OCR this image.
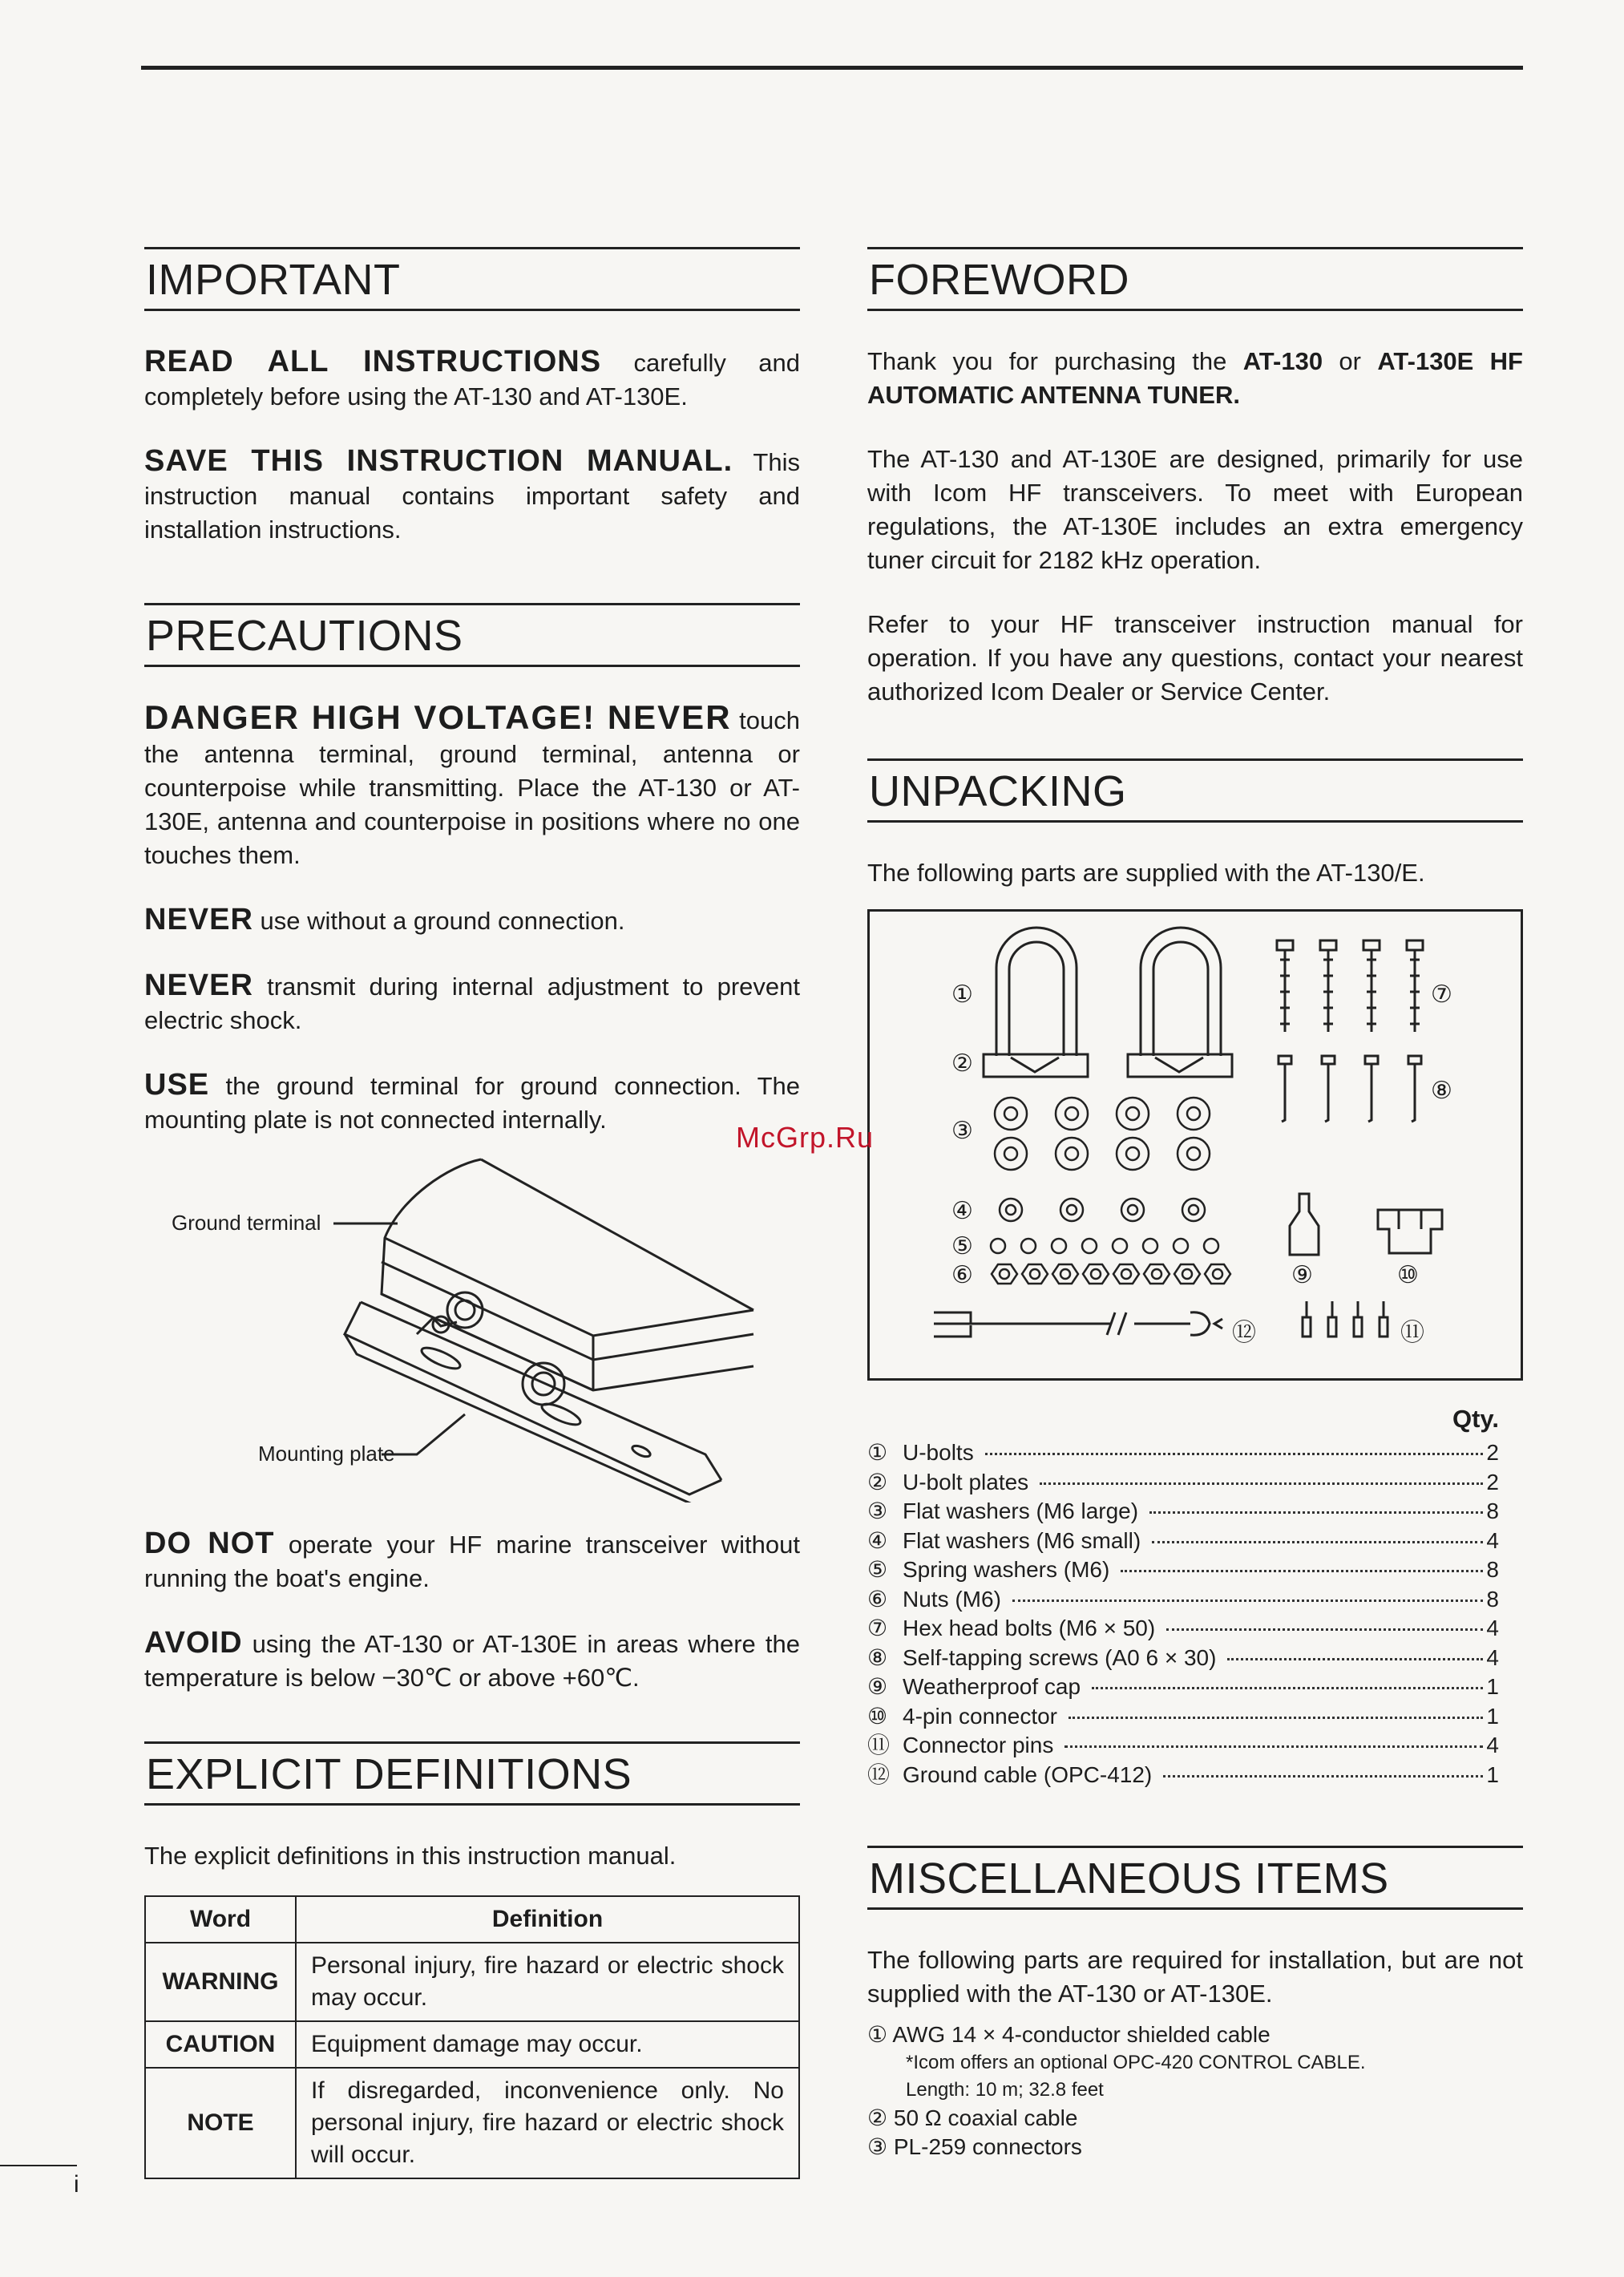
IMPORTANT

READ ALL INSTRUCTIONS carefully and completely before using the AT-130 and AT-130E.

SAVE THIS INSTRUCTION MANUAL. This instruction manual contains important safety and installation instructions.

PRECAUTIONS

DANGER HIGH VOLTAGE! NEVER touch the antenna terminal, ground terminal, antenna or counterpoise while transmitting. Place the AT-130 or AT-130E, antenna and counterpoise in positions where no one touches them.

NEVER use without a ground connection.

NEVER transmit during internal adjustment to prevent electric shock.

USE the ground terminal for ground connection. The mounting plate is not connected internally.

Ground terminal
Mounting plate

DO NOT operate your HF marine transceiver without running the boat's engine.

AVOID using the AT-130 or AT-130E in areas where the temperature is below −30℃ or above +60℃.

EXPLICIT DEFINITIONS

The explicit definitions in this instruction manual.

Word	Definition
WARNING	Personal injury, fire hazard or electric shock may occur.
CAUTION	Equipment damage may occur.
NOTE	If disregarded, inconvenience only. No personal injury, fire hazard or electric shock will occur.
FOREWORD

Thank you for purchasing the AT-130 or AT-130E HF AUTOMATIC ANTENNA TUNER.

The AT-130 and AT-130E are designed, primarily for use with Icom HF transceivers. To meet with European regulations, the AT-130E includes an extra emergency tuner circuit for 2182 kHz operation.

Refer to your HF transceiver instruction manual for operation. If you have any questions, contact your nearest authorized Icom Dealer or Service Center.

UNPACKING

The following parts are supplied with the AT-130/E.

①
②
③
④
⑤
⑥
⑦
⑧
⑨	⑩
⑪
⑫
Qty.
① U-bolts	2
② U-bolt plates	2
③ Flat washers (M6 large)	8
④ Flat washers (M6 small)	4
⑤ Spring washers (M6)	8
⑥ Nuts (M6)	8
⑦ Hex head bolts (M6 × 50)	4
⑧ Self-tapping screws (A0 6 × 30)	4
⑨ Weatherproof cap	1
⑩ 4-pin connector	1
⑪ Connector pins	4
⑫ Ground cable (OPC-412)	1
MISCELLANEOUS ITEMS

The following parts are required for installation, but are not supplied with the AT-130 or AT-130E.

① AWG 14 × 4-conductor shielded cable
*Icom offers an optional OPC-420 CONTROL CABLE.
Length: 10 m; 32.8 feet
② 50 Ω coaxial cable
③ PL-259 connectors
McGrp.Ru
i
